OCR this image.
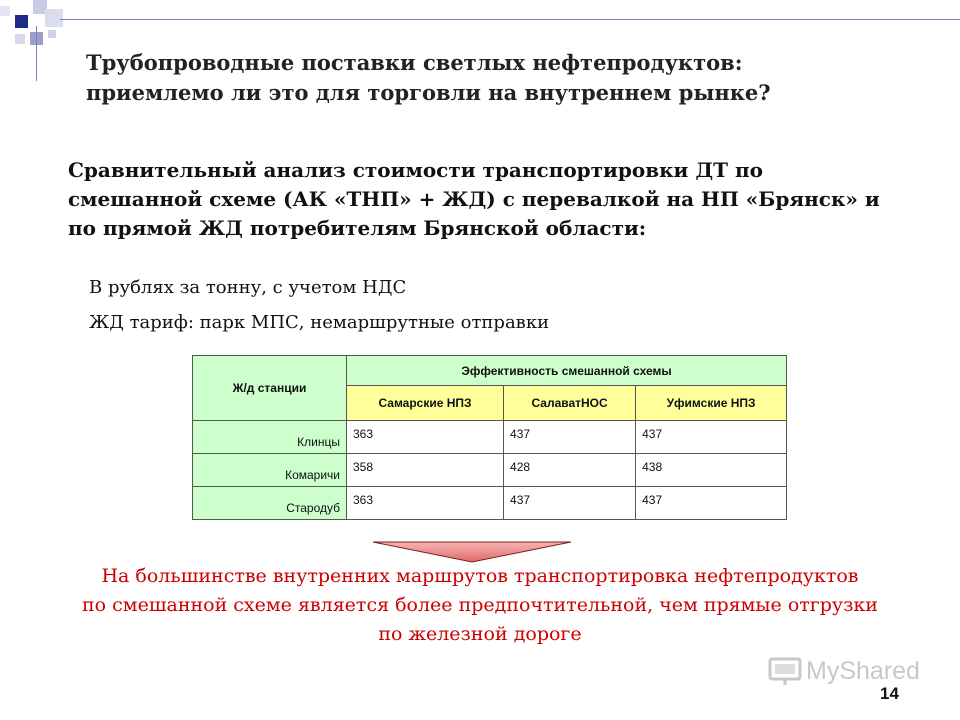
Трубопроводные поставки светлых нефтепродуктов:
приемлемо ли это для торговли на внутреннем рынке?
Сравнительный анализ стоимости транспортировки ДТ по
смешанной схеме (АК «ТНП» + ЖД) с перевалкой на НП «Брянск» и
по прямой ЖД потребителям Брянской области:
В рублях за тонну, с учетом НДС
ЖД тариф: парк МПС, немаршрутные отправки
Ж/д станции	Эффективность смешанной схемы		
	Самарские НПЗ	СалаватНОС	Уфимские НПЗ
Клинцы	363	437	437
Комаричи	358	428	438
Стародуб	363	437	437

На большинстве внутренних маршрутов транспортировка нефтепродуктов
по смешанной схеме является более предпочтительной, чем прямые отгрузки
по железной дороге

MyShared
14
